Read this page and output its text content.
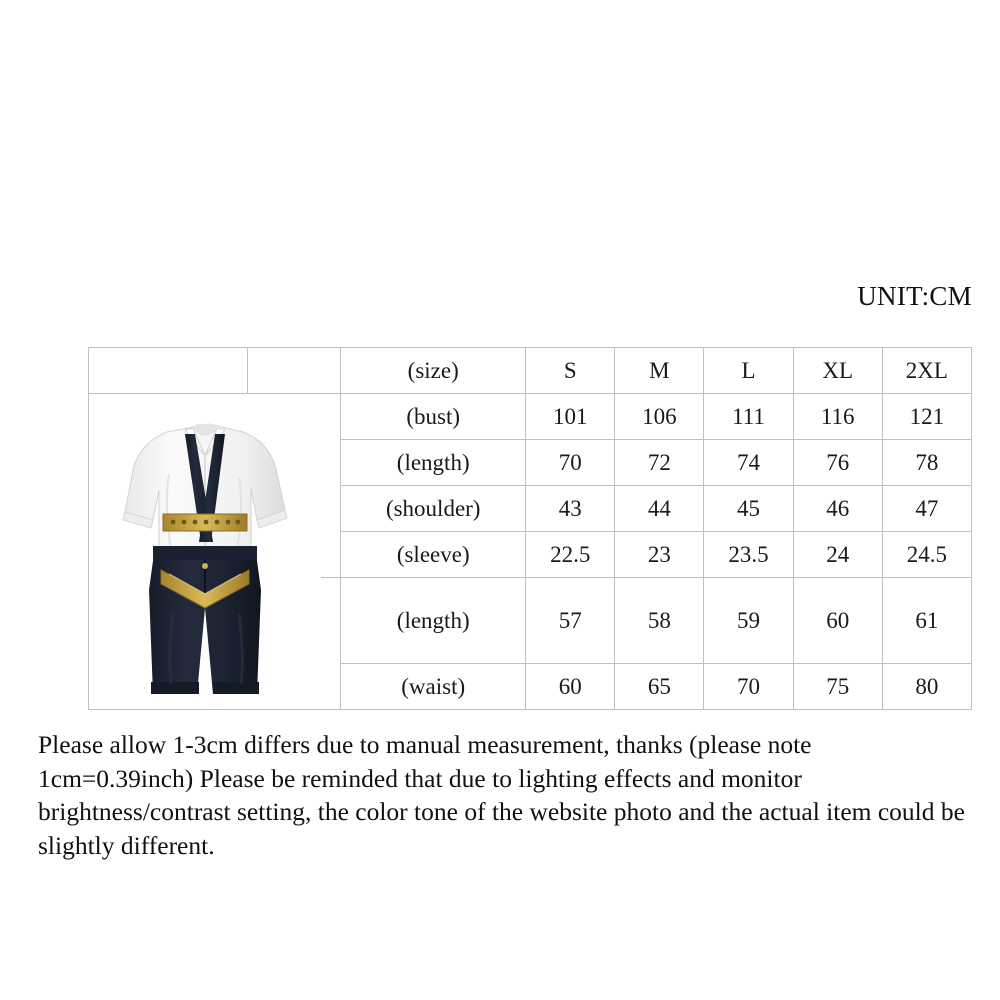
UNIT:CM
		(size)	S	M	L	XL	2XL

		(bust)	101	106	111	116	121
		(length)	70	72	74	76	78
		(shoulder)	43	44	45	46	47
		(sleeve)	22.5	23	23.5	24	24.5
	(length)	57	58	59	60	61
		(waist)	60	65	70	75	80
Please allow 1-3cm differs due to manual measurement, thanks (please note 1cm=0.39inch) Please be reminded that due to lighting effects and monitor brightness/contrast setting, the color tone of the website photo and the actual item could be slightly different.
